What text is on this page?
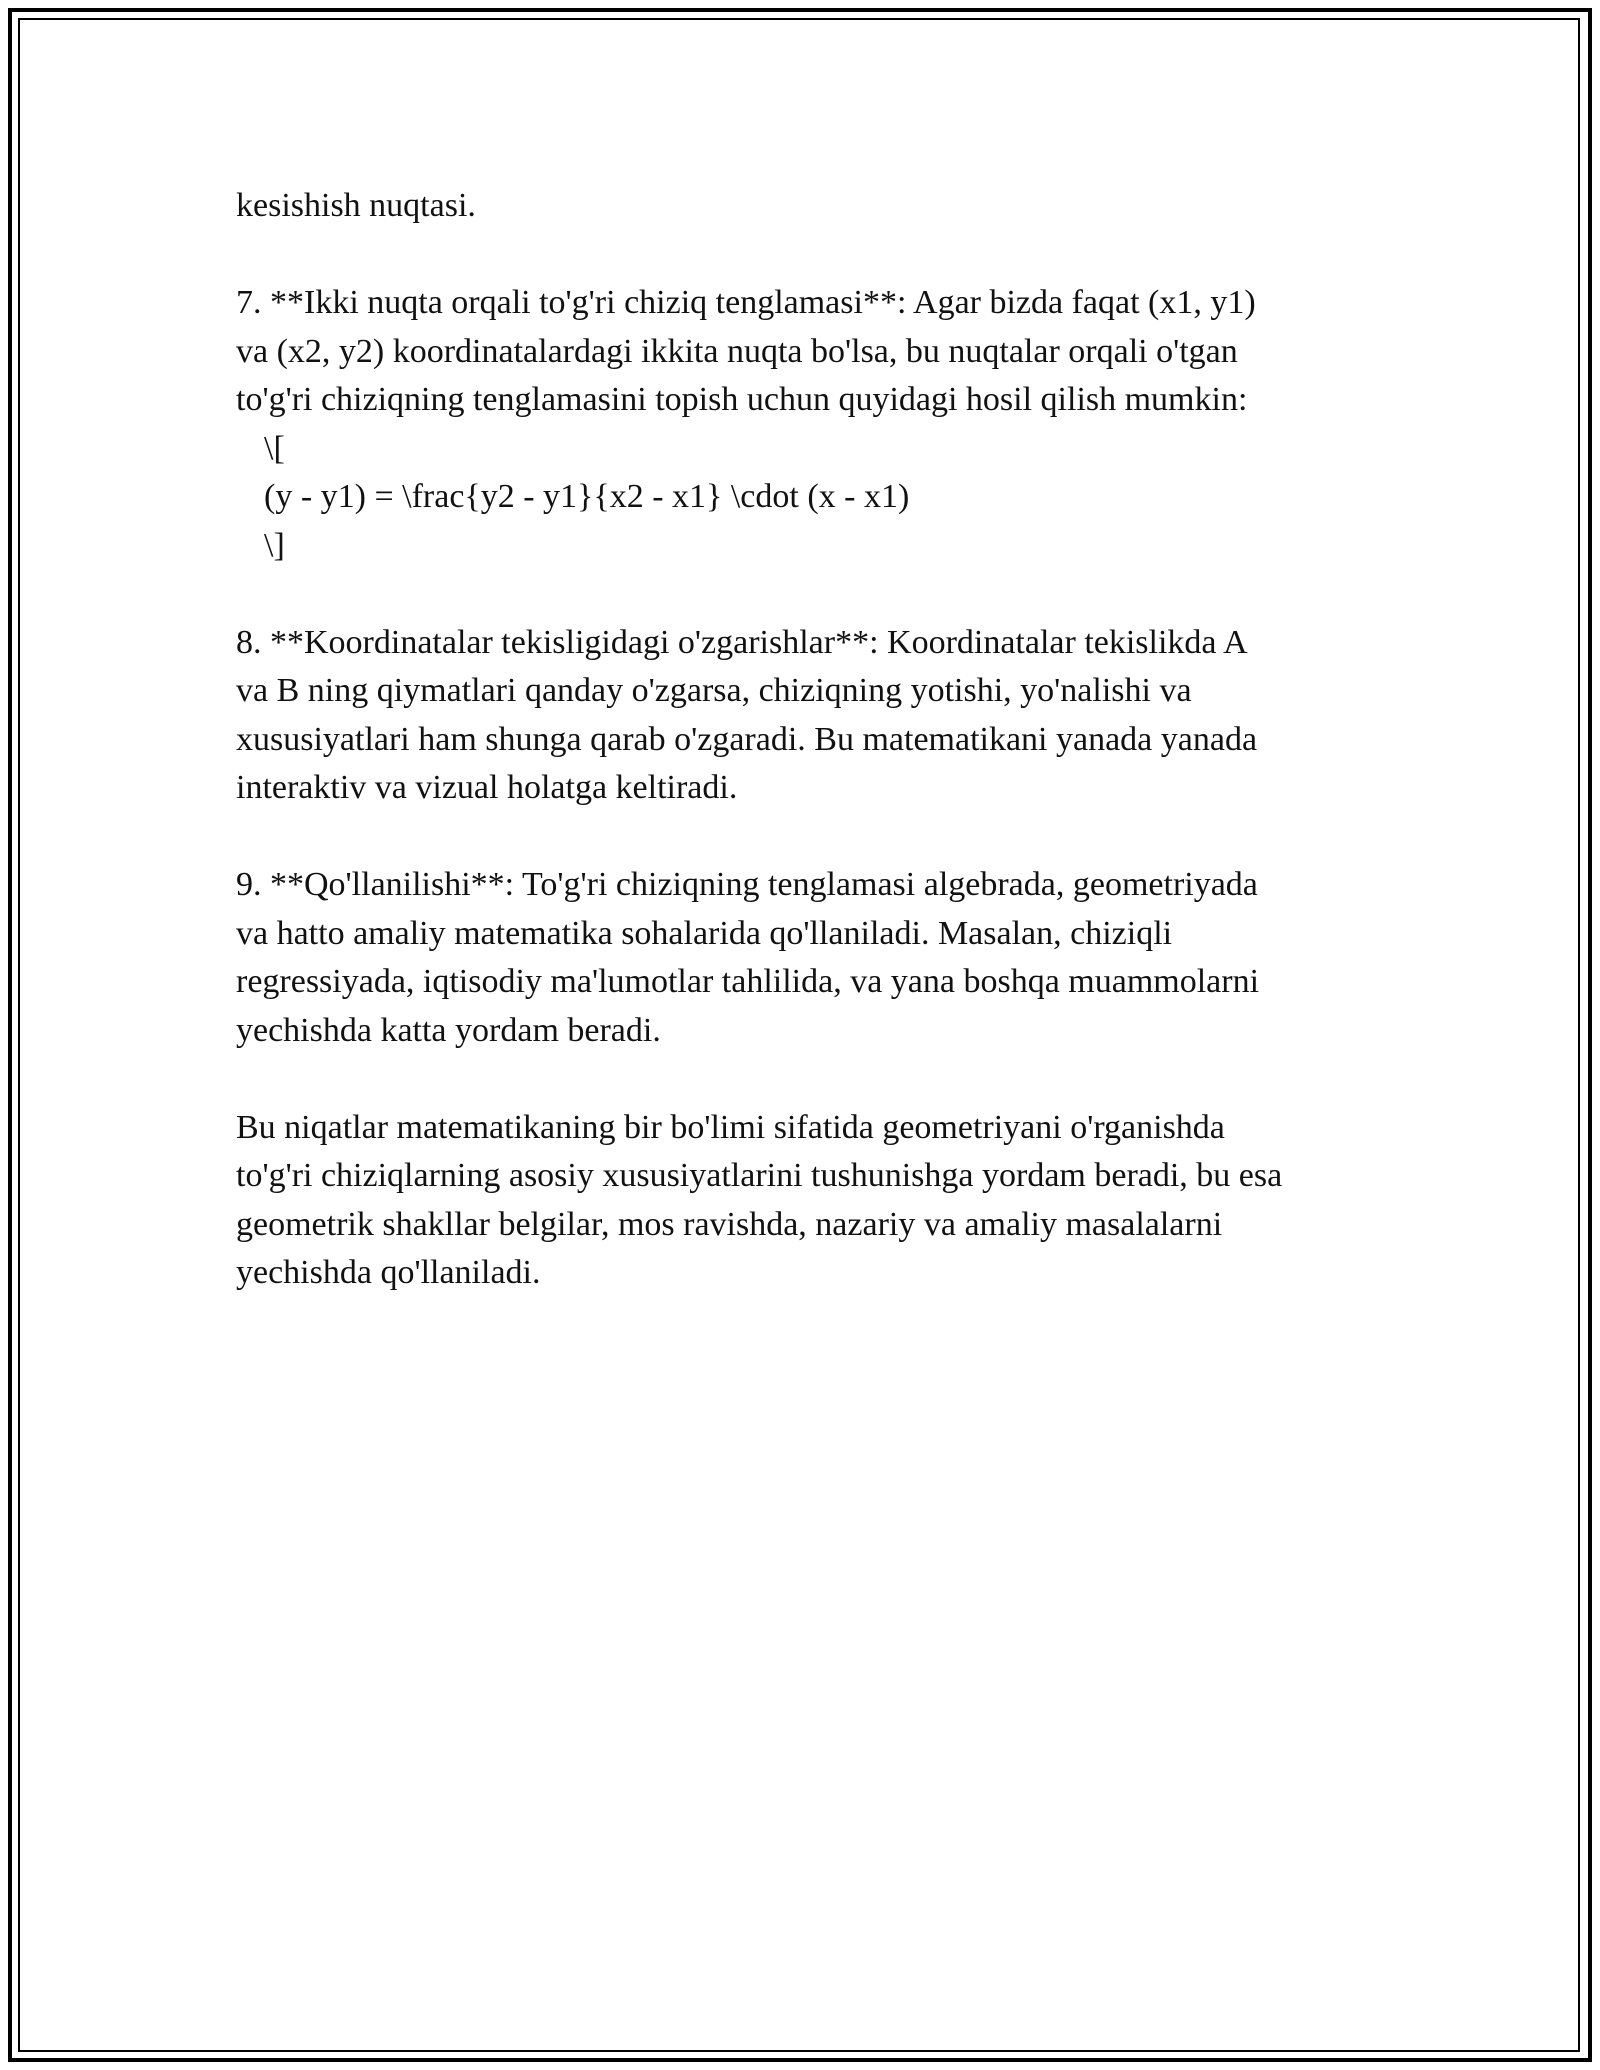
kesishish nuqtasi.
7. **Ikki nuqta orqali to'g'ri chiziq tenglamasi**: Agar bizda faqat (x1, y1)
va (x2, y2) koordinatalardagi ikkita nuqta bo'lsa, bu nuqtalar orqali o'tgan
to'g'ri chiziqning tenglamasini topish uchun quyidagi hosil qilish mumkin:
\[
(y - y1) = \frac{y2 - y1}{x2 - x1} \cdot (x - x1)
\]
8. **Koordinatalar tekisligidagi o'zgarishlar**: Koordinatalar tekislikda A
va B ning qiymatlari qanday o'zgarsa, chiziqning yotishi, yo'nalishi va
xususiyatlari ham shunga qarab o'zgaradi. Bu matematikani yanada yanada
interaktiv va vizual holatga keltiradi.
9. **Qo'llanilishi**: To'g'ri chiziqning tenglamasi algebrada, geometriyada
va hatto amaliy matematika sohalarida qo'llaniladi. Masalan, chiziqli
regressiyada, iqtisodiy ma'lumotlar tahlilida, va yana boshqa muammolarni
yechishda katta yordam beradi.
Bu niqatlar matematikaning bir bo'limi sifatida geometriyani o'rganishda
to'g'ri chiziqlarning asosiy xususiyatlarini tushunishga yordam beradi, bu esa
geometrik shakllar belgilar, mos ravishda, nazariy va amaliy masalalarni
yechishda qo'llaniladi.
